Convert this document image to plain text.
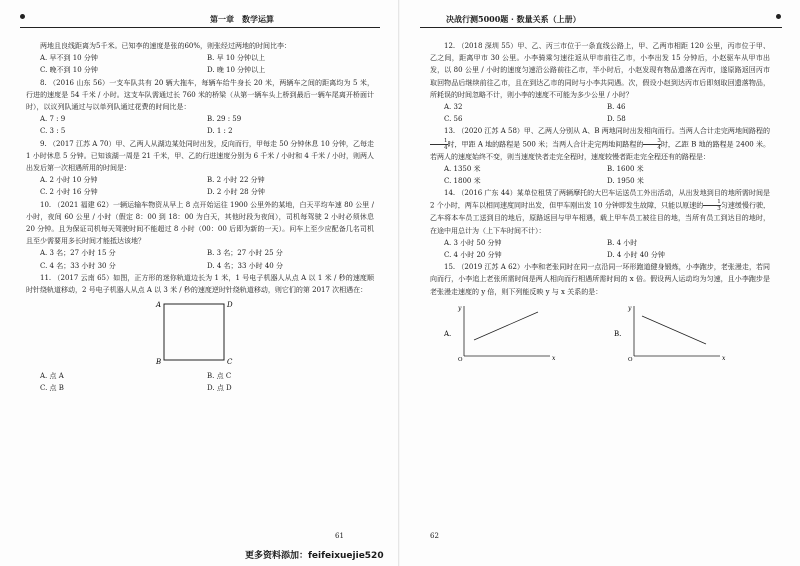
第一章　数学运算

两地且良线距离为5千米。已知李的速度是张的60%，则张经过两地的时间比李：

A. 早不到 10 分钟	B. 早 10 分钟以上
C. 晚不到 10 分钟	D. 晚 10 分钟以上

8. （2016 山东 56）一支车队共有 20 辆大拖车，每辆车给牛身长 20 米，两辆车之间的距离均为 5 米，行进的速度是 54 千米 / 小时。这支车队需通过长 760 米的桥梁（从第一辆车头上桥到最后一辆车尾离开桥面计时），以议列队通过与以单列队通过花费的时间比是：

A. 7 : 9	B. 29 : 59
C. 3 : 5	D. 1 : 2

9. （2017 江苏 A 70）甲、乙两人从湖边某处同时出发，反向而行，甲每走 50 分钟休息 10 分钟，乙每走 1 小时休息 5 分钟。已知该湖一周是 21 千米，甲、乙的行进速度分别为 6 千米 / 小时和 4 千米 / 小时，则两人出发后第一次相遇所用的时间是：

A. 2 小时 10 分钟	B. 2 小时 22 分钟
C. 2 小时 16 分钟	D. 2 小时 28 分钟

10. （2021 福建 62）一辆运输车物资从早上 8 点开始运往 1900 公里外的某地，白天平均车速 80 公里 / 小时，夜间 60 公里 / 小时（假定 8：00 到 18：00 为白天，其他时段为夜间），司机每驾驶 2 小时必须休息 20 分钟。且为保证司机每天驾驶时间不能超过 8 小时（00：00 后即为新的一天）。问车上至少应配备几名司机且至少需要用多长时间才能抵达该地？

A. 3 名；27 小时 15 分	B. 3 名；27 小时 25 分
C. 4 名；33 小时 30 分	D. 4 名；33 小时 40 分

11. （2017 云南 65）如图，正方形的迷你轨道边长为 1 米，1 号电子机器人从点 A 以 1 米 / 秒的速度顺时针绕轨道移动，2 号电子机器人从点 A 以 3 米 / 秒的速度逆时针绕轨道移动，则它们的第 2017 次相遇在：

A	D
B	C
A. 点 A	B. 点 C
C. 点 B	D. 点 D
61
决战行测5000题 · 数量关系（上册）

12. （2018 深圳 55）甲、乙、丙三市位于一条直线公路上，甲、乙两市相距 120 公里，丙市位于甲、乙之间，距离甲市 30 公里。小李骑乘匀速往返从甲市前往乙市，小李出发 15 分钟后，小赵驱车从甲市出发，以 80 公里 / 小时的速度匀速沿公路前往乙市，半小时后，小赵发现有物品遗落在丙市，遂原路返回丙市取回物品后继续前往乙市，且在到达乙市的同时与小李共同遇。次，假设小赵到达丙市后即刻取回遗落物品，所耗误的时间忽略不计，则小李的速度不可能为多少公里 / 小时？

A. 32	B. 46
C. 56	D. 58

13. （2020 江苏 A 58）甲、乙两人分别从 A、B 两地同时出发相向而行。当两人合计走完两地间路程的
$\frac{1}{4}$ 时，甲距 A 地的路程是 500 米；当两人合计走完两地间路程的 $\frac{3}{4}$ 时，乙距 B 地的路程是 2400 米。若两人的速度始终不变，则当速度快者走完全程时，速度较慢者距走完全程还有的路程是：

A. 1350 米	B. 1600 米
C. 1800 米	D. 1950 米

14. （2016 广东 44）某单位租赁了两辆摩托的大巴车运送员工外出活动，从出发地到目的地所需时间是 2 个小时，两车以相同速度同时出发，但甲车刚出发 10 分钟即发生故障，只能以原速的 $\frac{1}{3}$ 匀速缓慢行驶，乙车将本车员工送到目的地后，原路返回与甲车相遇，载上甲车员工被往目的地，当所有员工到达目的地时，在途中用总计为（上下车时间不计）：

A. 3 小时 50 分钟	B. 4 小时
C. 4 小时 20 分钟	D. 4 小时 40 分钟

15. （2019 江苏 A 62）小李和老张同时在同一点沿同一环形跑道健身锻炼，小李跑步，老张漫走，若同向而行，小李追上老张所需时间是两人相向而行相遇所需时间的 x 倍。假设两人运动均为匀速，且小李跑步是老张漫走速度的 y 倍，则下列能反映 y 与 x 关系的是：

A.
y
x
O
B.
y
x
O
62
更多资料添加：feifeixuejie520
